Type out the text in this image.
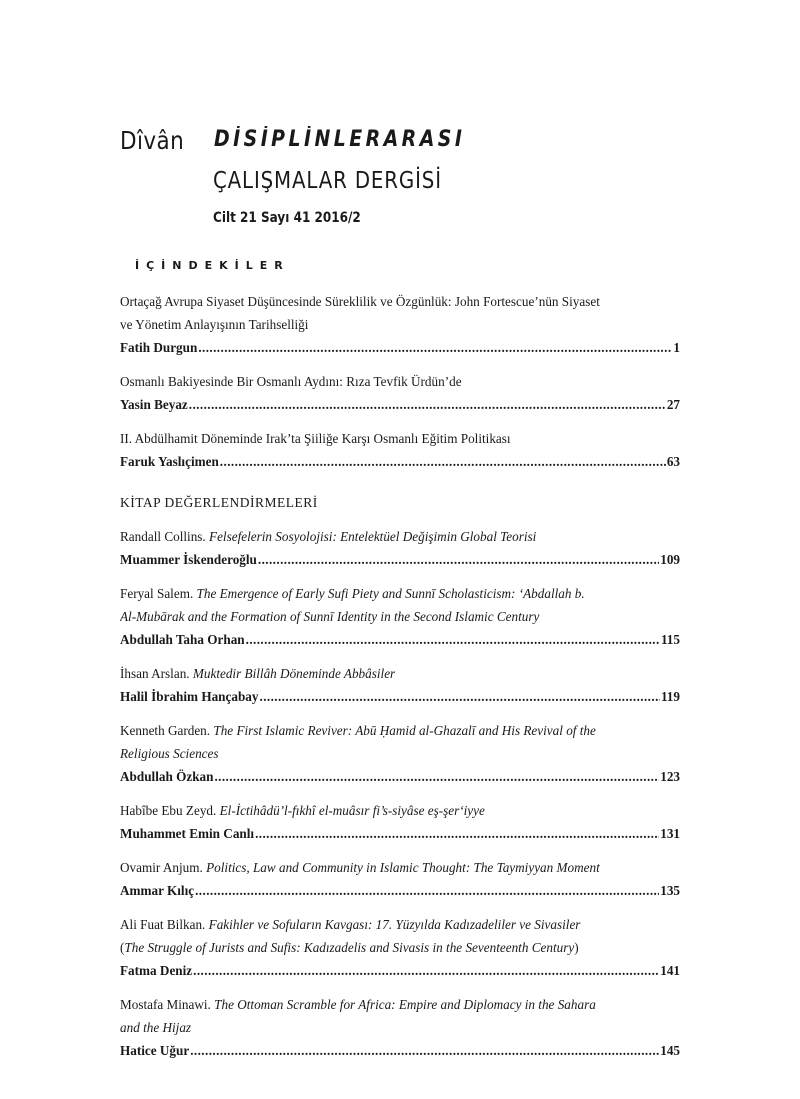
Dîvân DİSİPLİNLERARASI
ÇALIŞMALAR DERGİSİ
Cilt 21 Sayı 41 2016/2
İÇİNDEKİLER
Ortaçağ Avrupa Siyaset Düşüncesinde Süreklilik ve Özgünlük: John Fortescue’nün Siyaset
ve Yönetim Anlayışının Tarihselliği
Fatih Durgun .....	1
Osmanlı Bakiyesinde Bir Osmanlı Aydını: Rıza Tevfik Ürdün’de
Yasin Beyaz .....	27
II. Abdülhamit Döneminde Irak’ta Şiiliğe Karşı Osmanlı Eğitim Politikası
Faruk Yaslıçimen .....	63
KİTAP DEĞERLENDİRMELERİ
Randall Collins. Felsefelerin Sosyolojisi: Entelektüel Değişimin Global Teorisi
Muammer İskenderoğlu .....	109
Feryal Salem. The Emergence of Early Sufi Piety and Sunnī Scholasticism: ‘Abdallah b.
Al-Mubārak and the Formation of Sunnī Identity in the Second Islamic Century
Abdullah Taha Orhan .....	115
İhsan Arslan. Muktedir Billâh Döneminde Abbâsiler
Halil İbrahim Hançabay .....	119
Kenneth Garden. The First Islamic Reviver: Abū Ḥamid al-Ghazalī and His Revival of the
Religious Sciences
Abdullah Özkan .....	123
Habîbe Ebu Zeyd. El-İctihâdü’l-fıkhî el-muâsır fi’s-siyâse eş-şer‘iyye
Muhammet Emin Canlı .....	131
Ovamir Anjum. Politics, Law and Community in Islamic Thought: The Taymiyyan Moment
Ammar Kılıç .....	135
Ali Fuat Bilkan. Fakihler ve Sofuların Kavgası: 17. Yüzyılda Kadızadeliler ve Sivasiler
(The Struggle of Jurists and Sufis: Kadızadelis and Sivasis in the Seventeenth Century)
Fatma Deniz .....	141
Mostafa Minawi. The Ottoman Scramble for Africa: Empire and Diplomacy in the Sahara
and the Hijaz
Hatice Uğur .....	145
